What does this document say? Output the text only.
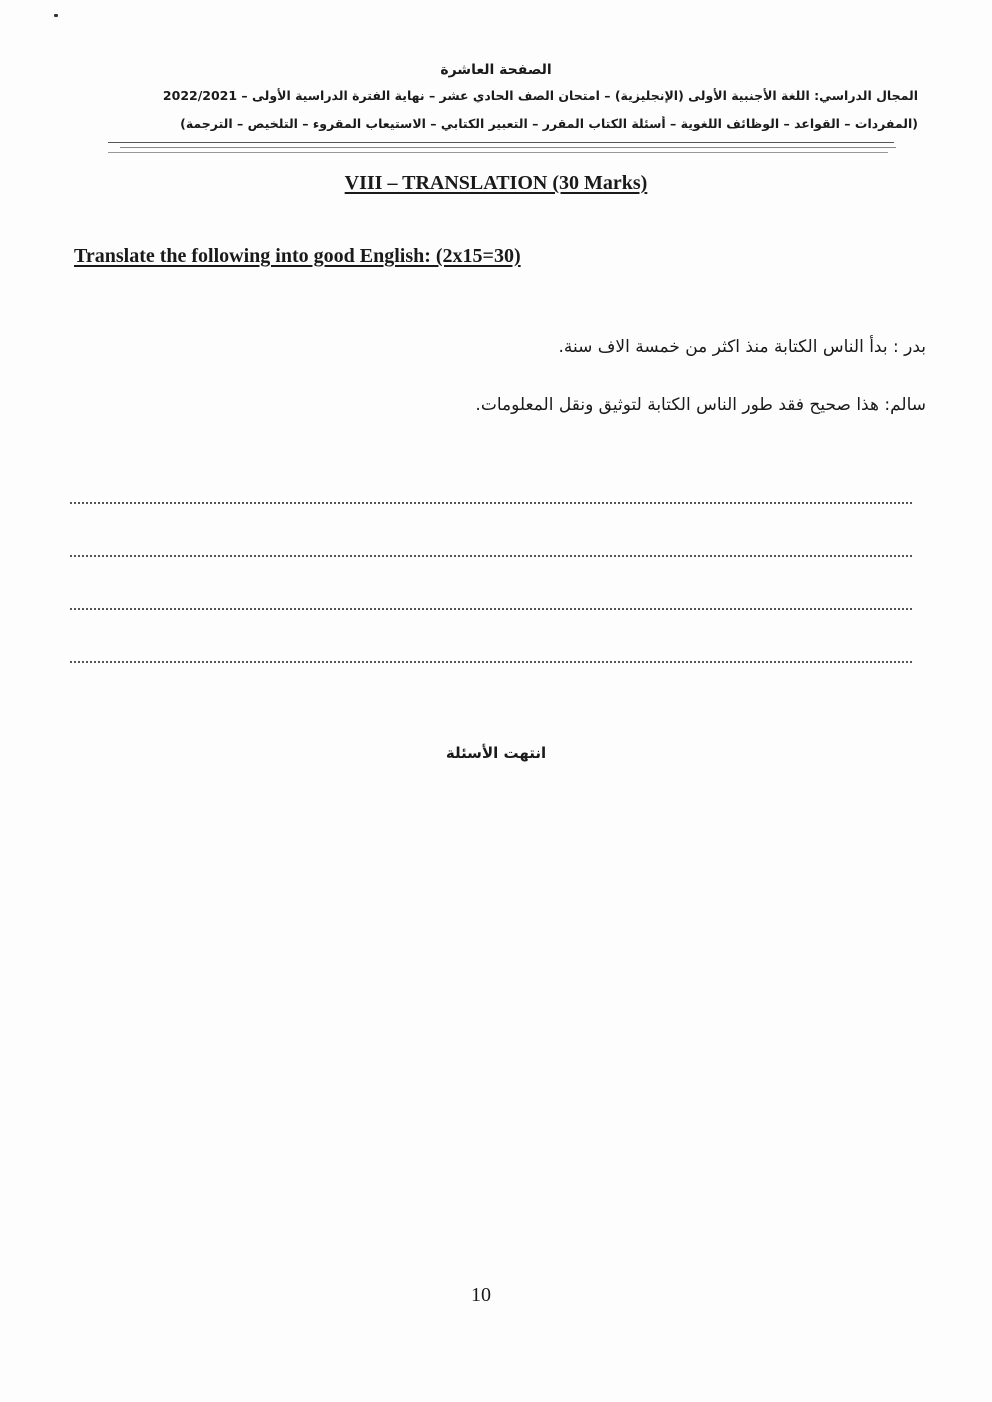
الصفحة العاشرة
المجال الدراسي: اللغة الأجنبية الأولى (الإنجليزية) – امتحان الصف الحادي عشر – نهاية الفترة الدراسية الأولى – 2022/2021
(المفردات – القواعد – الوظائف اللغوية – أسئلة الكتاب المقرر – التعبير الكتابي – الاستيعاب المقروء – التلخيص – الترجمة)
VIII – TRANSLATION (30 Marks)
Translate the following into good English: (2x15=30)
بدر : بدأ الناس الكتابة منذ اكثر من خمسة الاف سنة.
سالم: هذا صحيح فقد طور الناس الكتابة لتوثيق ونقل المعلومات.
انتهت الأسئلة
10
